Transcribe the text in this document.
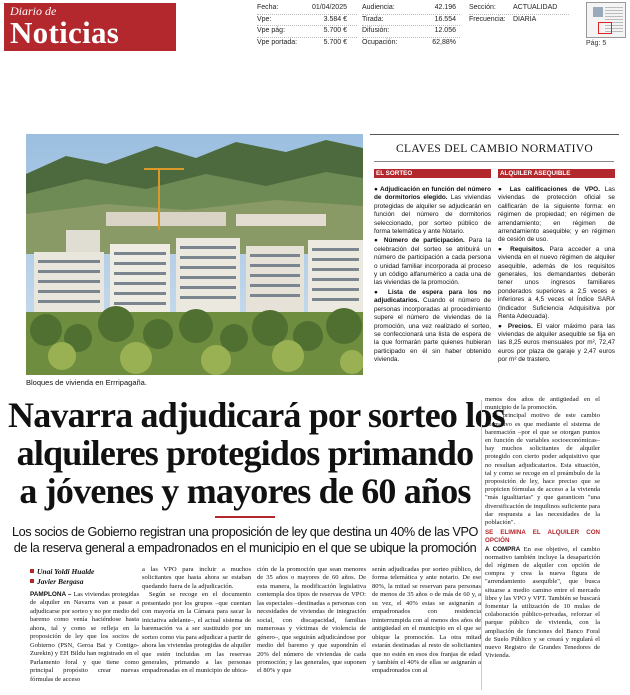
Diario de
Noticias
Fecha:	01/04/2025
Vpe:	3.584 €
Vpe pág:	5.700 €
Vpe portada:	5.700 €
Audiencia:	42.196
Tirada:	16.554
Difusión:	12.056
Ocupación:	62,88%
Sección:	ACTUALIDAD
Frecuencia:	DIARIA
Pág: 5
Bloques de vivienda en Errripagaña.
CLAVES DEL CAMBIO NORMATIVO
EL SORTEO
● Adjudicación en función del número de dormitorios elegido. Las viviendas protegidas de alquiler se adjudicarán en función del número de dormitorios seleccionado, por sorteo público de forma telemática y ante Notario.
● Número de participación. Para la celebración del sorteo se atribuirá un número de participación a cada persona o unidad familiar incorporada al proceso y un código alfanumérico a cada una de las viviendas de la promoción.
● Lista de espera para los no adjudicatarios. Cuando el número de personas incorporadas al procedimiento supere el número de viviendas de la promoción, una vez realizado el sorteo, se confeccionará una lista de espera de la que formarán parte quienes hubieran participado en él sin haber obtenido vivienda.
ALQUILER ASEQUIBLE
● Las calificaciones de VPO. Las viviendas de protección oficial se calificarán de la siguiente forma: en régimen de propiedad; en régimen de arrendamiento; en régimen de arrendamiento asequible; y en régimen de cesión de uso.
● Requisitos. Para acceder a una vivienda en el nuevo régimen de alquiler asequible, además de los requisitos generales, los demandantes deberán tener unos ingresos familiares ponderados superiores a 2,5 veces e inferiores a 4,5 veces el Índice SARA (Indicador Suficiencia Adquisitiva por Renta Adecuada).
● Precios. El valor máximo para las viviendas de alquiler asequible se fija en las 8,25 euros mensuales por m², 72,47 euros por plaza de garaje y 2,47 euros por m² de trastero.
Navarra adjudicará por sorteo los
alquileres protegidos primando
a jóvenes y mayores de 60 años
Los socios de Gobierno registran una proposición de ley que destina un 40% de las VPO
de la reserva general a empadronados en el municipio en el que se ubique la promoción
Unai Yoldi Hualde
Javier Bergasa

PAMPLONA – Las viviendas protegidas de alquiler en Navarra van a pasar a adjudicarse por sorteo y no por medio del baremo como venía haciéndose hasta ahora, tal y como se refleja en la proposición de ley que los socios de Gobierno (PSN, Geroa Bai y Contigo-Zurekin) y EH Bildu han registrado en el Parlamento foral y que tiene como principal propósito crear nuevas fórmulas de acceso

a las VPO para incluir a muchos solicitantes que hasta ahora se estaban quedando fuera de la adjudicación.

Según se recoge en el documento presentado por los grupos –que cuentan con mayoría en la Cámara para sacar la iniciativa adelante–, el actual sistema de baremación va a ser sustituido por un sorteo como via para adjudicar a partir de ahora las viviendas protegidas de alquiler que estén incluidas en las reservas generales, primando a las personas empadronadas en el municipio de ubica-

ción de la promoción que sean menores de 35 años o mayores de 60 años. De esta manera, la modificación legislativa contempla dos tipos de reservas de VPO: las especiales –destinadas a personas con necesidades de viviendas de integración social, con discapacidad, familias numerosas y víctimas de violencia de género–, que seguirán adjudicándose por medio del baremo y que supondrán el 20% del número de viviendas de cada promoción; y las generales, que suponen el 80% y que

serán adjudicadas por sorteo público, de forma telemática y ante notario. De ese 80%, la mitad se reservan para personas de menos de 35 años o de más de 60 y, a su vez, el 40% estas se asignarán a empadronados con residencia ininterrumpida con al menos dos años de antigüedad en el municipio en el que se ubique la promoción. La otra mitad estarán destinadas al resto de solicitantes que no estén en esos dos franjas de edad y también el 40% de ellas se asignarán a empadronados con al

menos dos años de antigüedad en el municipio de la promoción.

El principal motivo de este cambio normativo es que mediante el sistema de baremación –por el que se otorgan puntos en función de variables socioeconómicas– hay muchos solicitantes de alquiler protegido con cierto poder adquisitivo que no resultan adjudicatarios. Esta situación, tal y como se recoge en el preámbulo de la proposición de ley, hace preciso que se propicien fórmulas de acceso a la vivienda "más igualitarias" y que garanticen "una diversificación de inquilinos suficiente para dar respuesta a las necesidades de la población".

SE ELIMINA EL ALQUILER CON OPCIÓN
A COMPRA En ese objetivo, el cambio normativo también incluye la desaparición del régimen de alquiler con opción de compra y crea la nueva figura de "arrendamiento asequible", que busca situarse a medio camino entre el mercado libre y las VPO y VPT. También se buscará fomentar la utilización de 10 mulas de colaboración público-privadas, reforzar el parque público de vivienda, con la ampliación de funciones del Banco Foral de Suelo Público y se creará y regulará el nuevo Registro de Grandes Tenedores de Vivienda.
